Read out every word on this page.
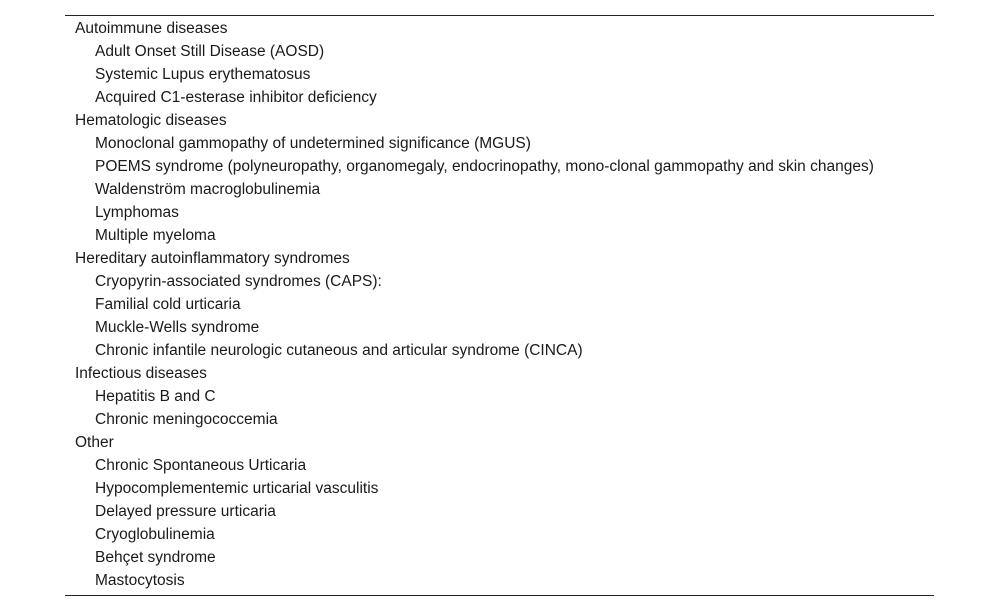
Autoimmune diseases
Adult Onset Still Disease (AOSD)
Systemic Lupus erythematosus
Acquired C1-esterase inhibitor deficiency
Hematologic diseases
Monoclonal gammopathy of undetermined significance (MGUS)
POEMS syndrome (polyneuropathy, organomegaly, endocrinopathy, mono-clonal gammopathy and skin changes)
Waldenström macroglobulinemia
Lymphomas
Multiple myeloma
Hereditary autoinflammatory syndromes
Cryopyrin-associated syndromes (CAPS):
Familial cold urticaria
Muckle-Wells syndrome
Chronic infantile neurologic cutaneous and articular syndrome (CINCA)
Infectious diseases
Hepatitis B and C
Chronic meningococcemia
Other
Chronic Spontaneous Urticaria
Hypocomplementemic urticarial vasculitis
Delayed pressure urticaria
Cryoglobulinemia
Behçet syndrome
Mastocytosis
